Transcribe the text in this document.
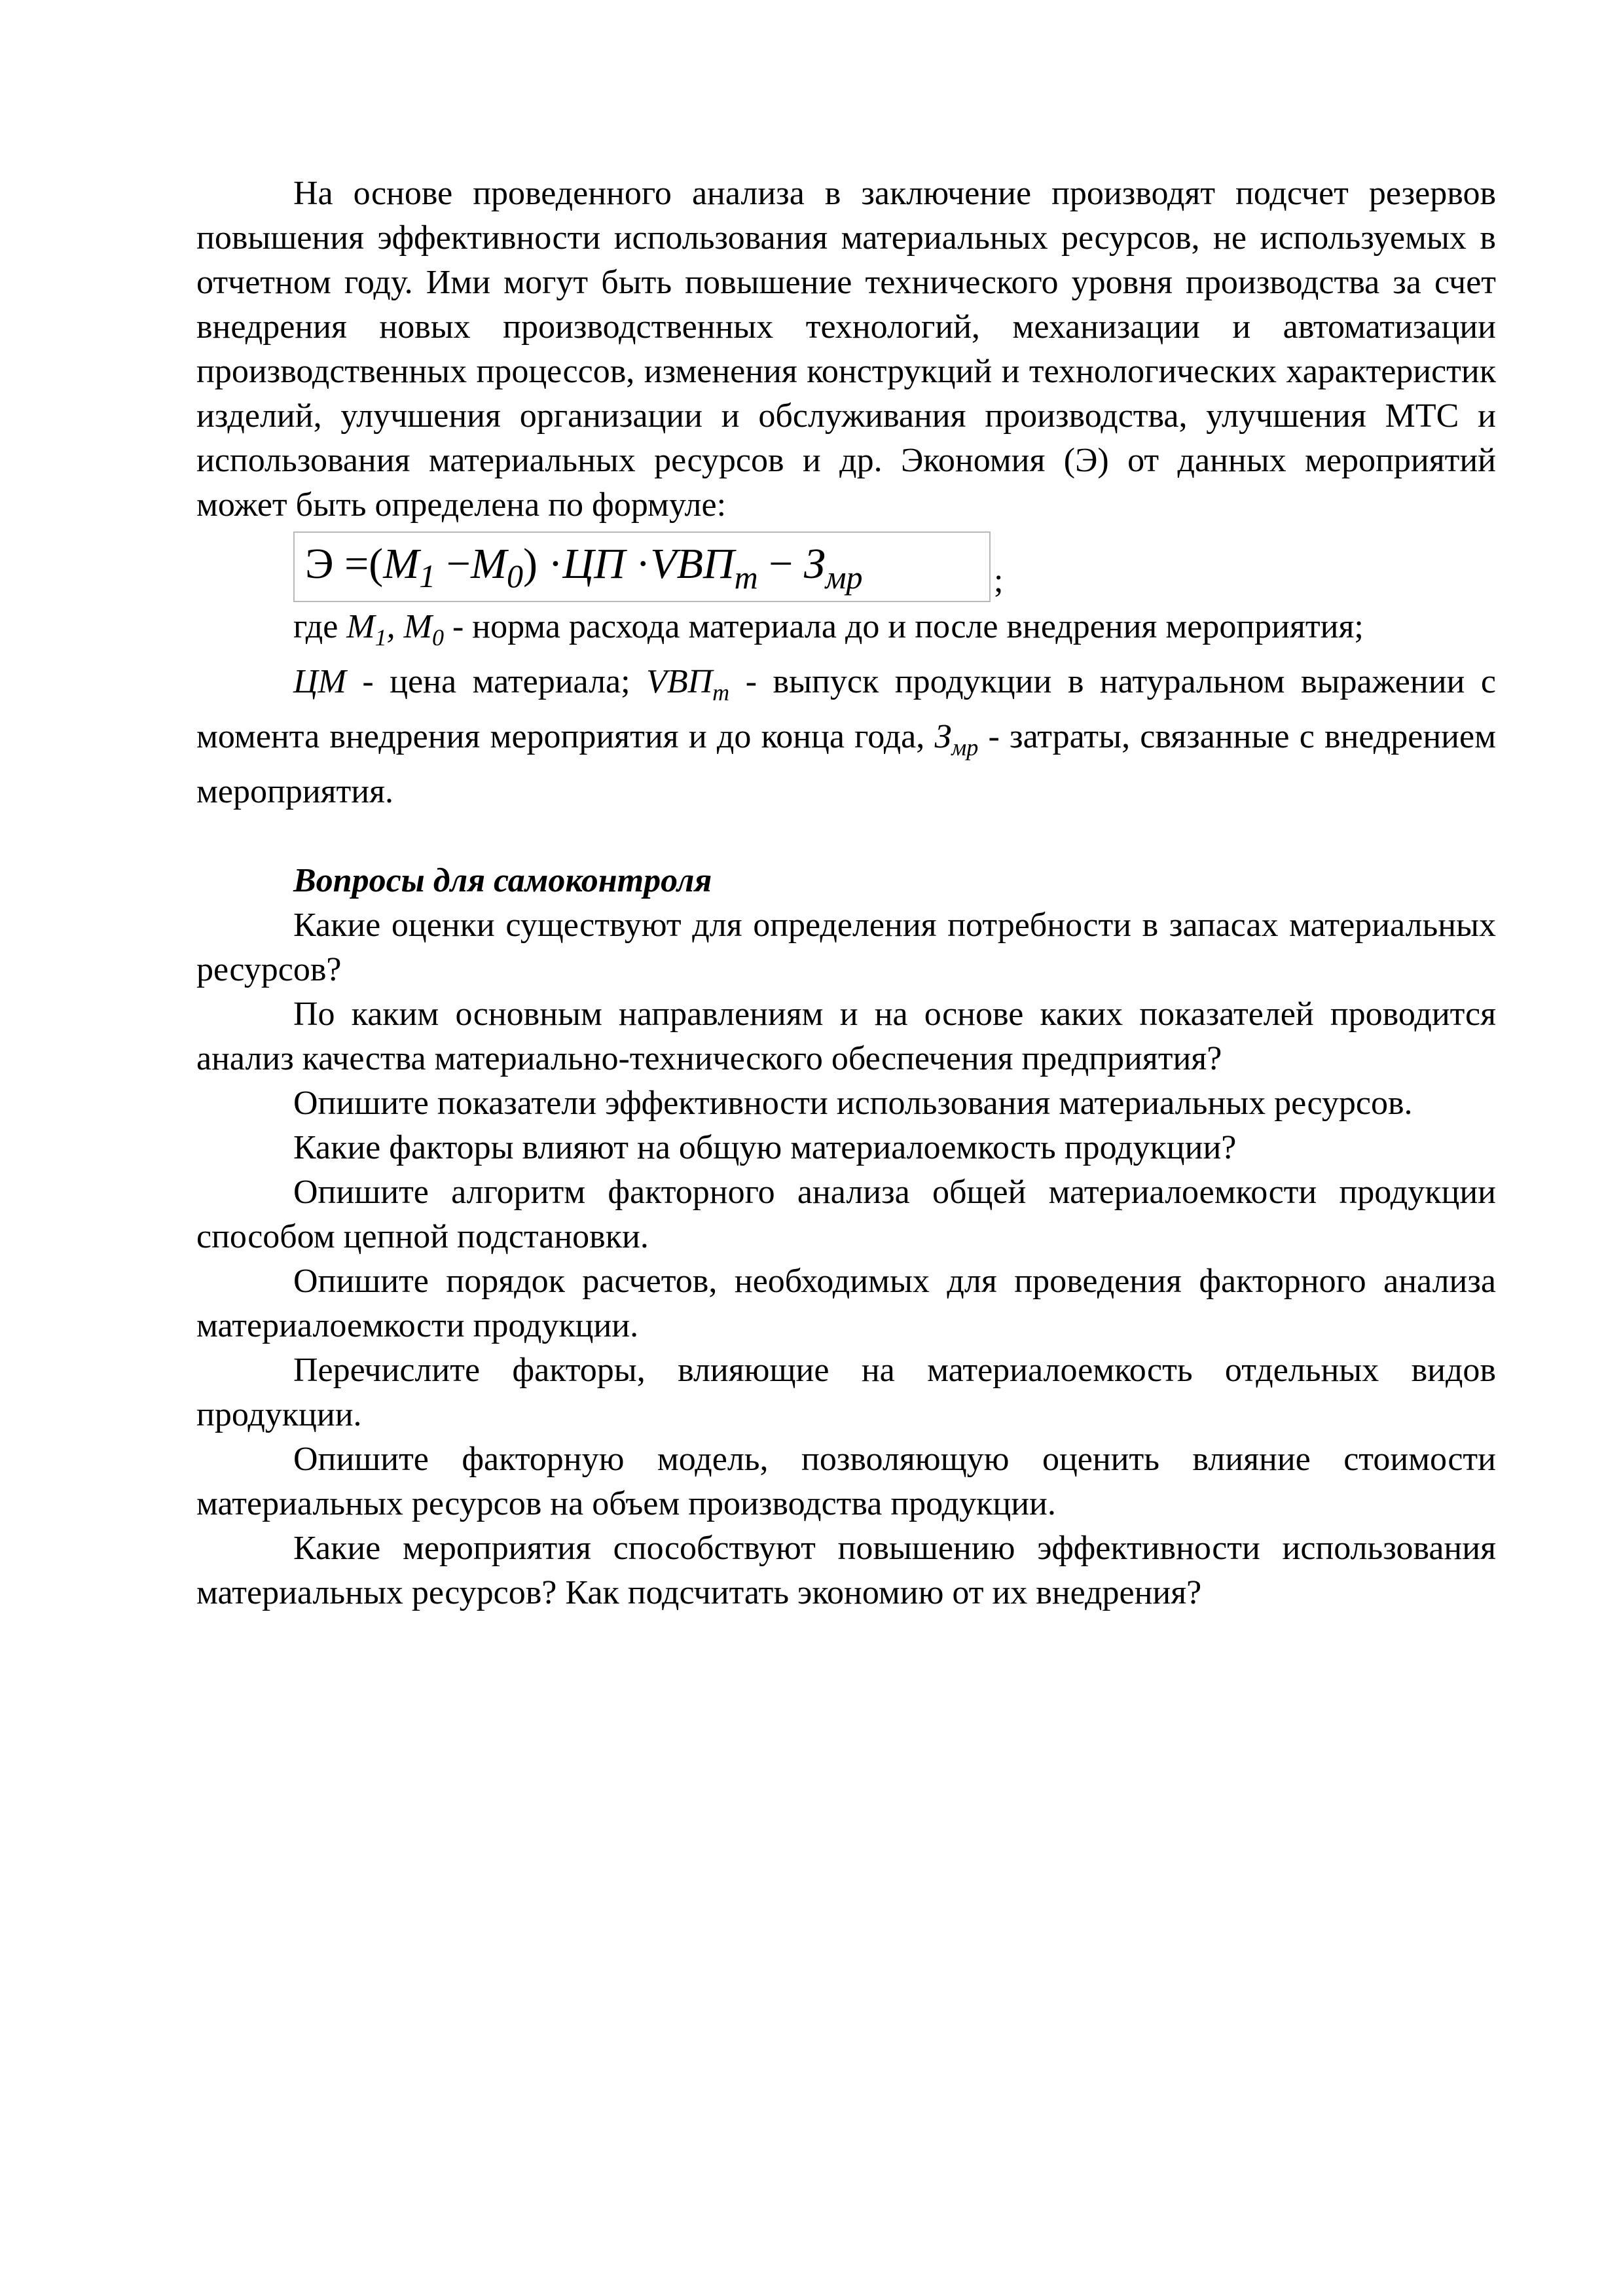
На основе проведенного анализа в заключение производят подсчет резервов повышения эффективности использования материальных ресурсов, не используемых в отчетном году. Ими могут быть повышение технического уровня производства за счет внедрения новых производственных технологий, механизации и автоматизации производственных процессов, изменения конструкций и технологических характеристик изделий, улучшения организации и обслуживания производства, улучшения МТС и использования материальных ресурсов и др. Экономия (Э) от данных мероприятий может быть определена по формуле:

$Э =(М_1 -М_0) \cdot ЦП \cdot VВП_m - З_{мр}$	;

где $М_1$, $М_0$ - норма расхода материала до и после внедрения мероприятия;

ЦМ - цена материала; $VВП_т$ - выпуск продукции в натуральном выражении с момента внедрения мероприятия и до конца года, $З_{мр}$ - затраты, связанные с внедрением мероприятия.

Вопросы для самоконтроля

Какие оценки существуют для определения потребности в запасах материальных ресурсов?

По каким основным направлениям и на основе каких показателей проводится анализ качества материально-технического обеспечения предприятия?

Опишите показатели эффективности использования материальных ресурсов.

Какие факторы влияют на общую материалоемкость продукции?

Опишите алгоритм факторного анализа общей материалоемкости продукции способом цепной подстановки.

Опишите порядок расчетов, необходимых для проведения факторного анализа материалоемкости продукции.

Перечислите факторы, влияющие на материалоемкость отдельных видов продукции.

Опишите факторную модель, позволяющую оценить влияние стоимости материальных ресурсов на объем производства продукции.

Какие мероприятия способствуют повышению эффективности использования материальных ресурсов? Как подсчитать экономию от их внедрения?
